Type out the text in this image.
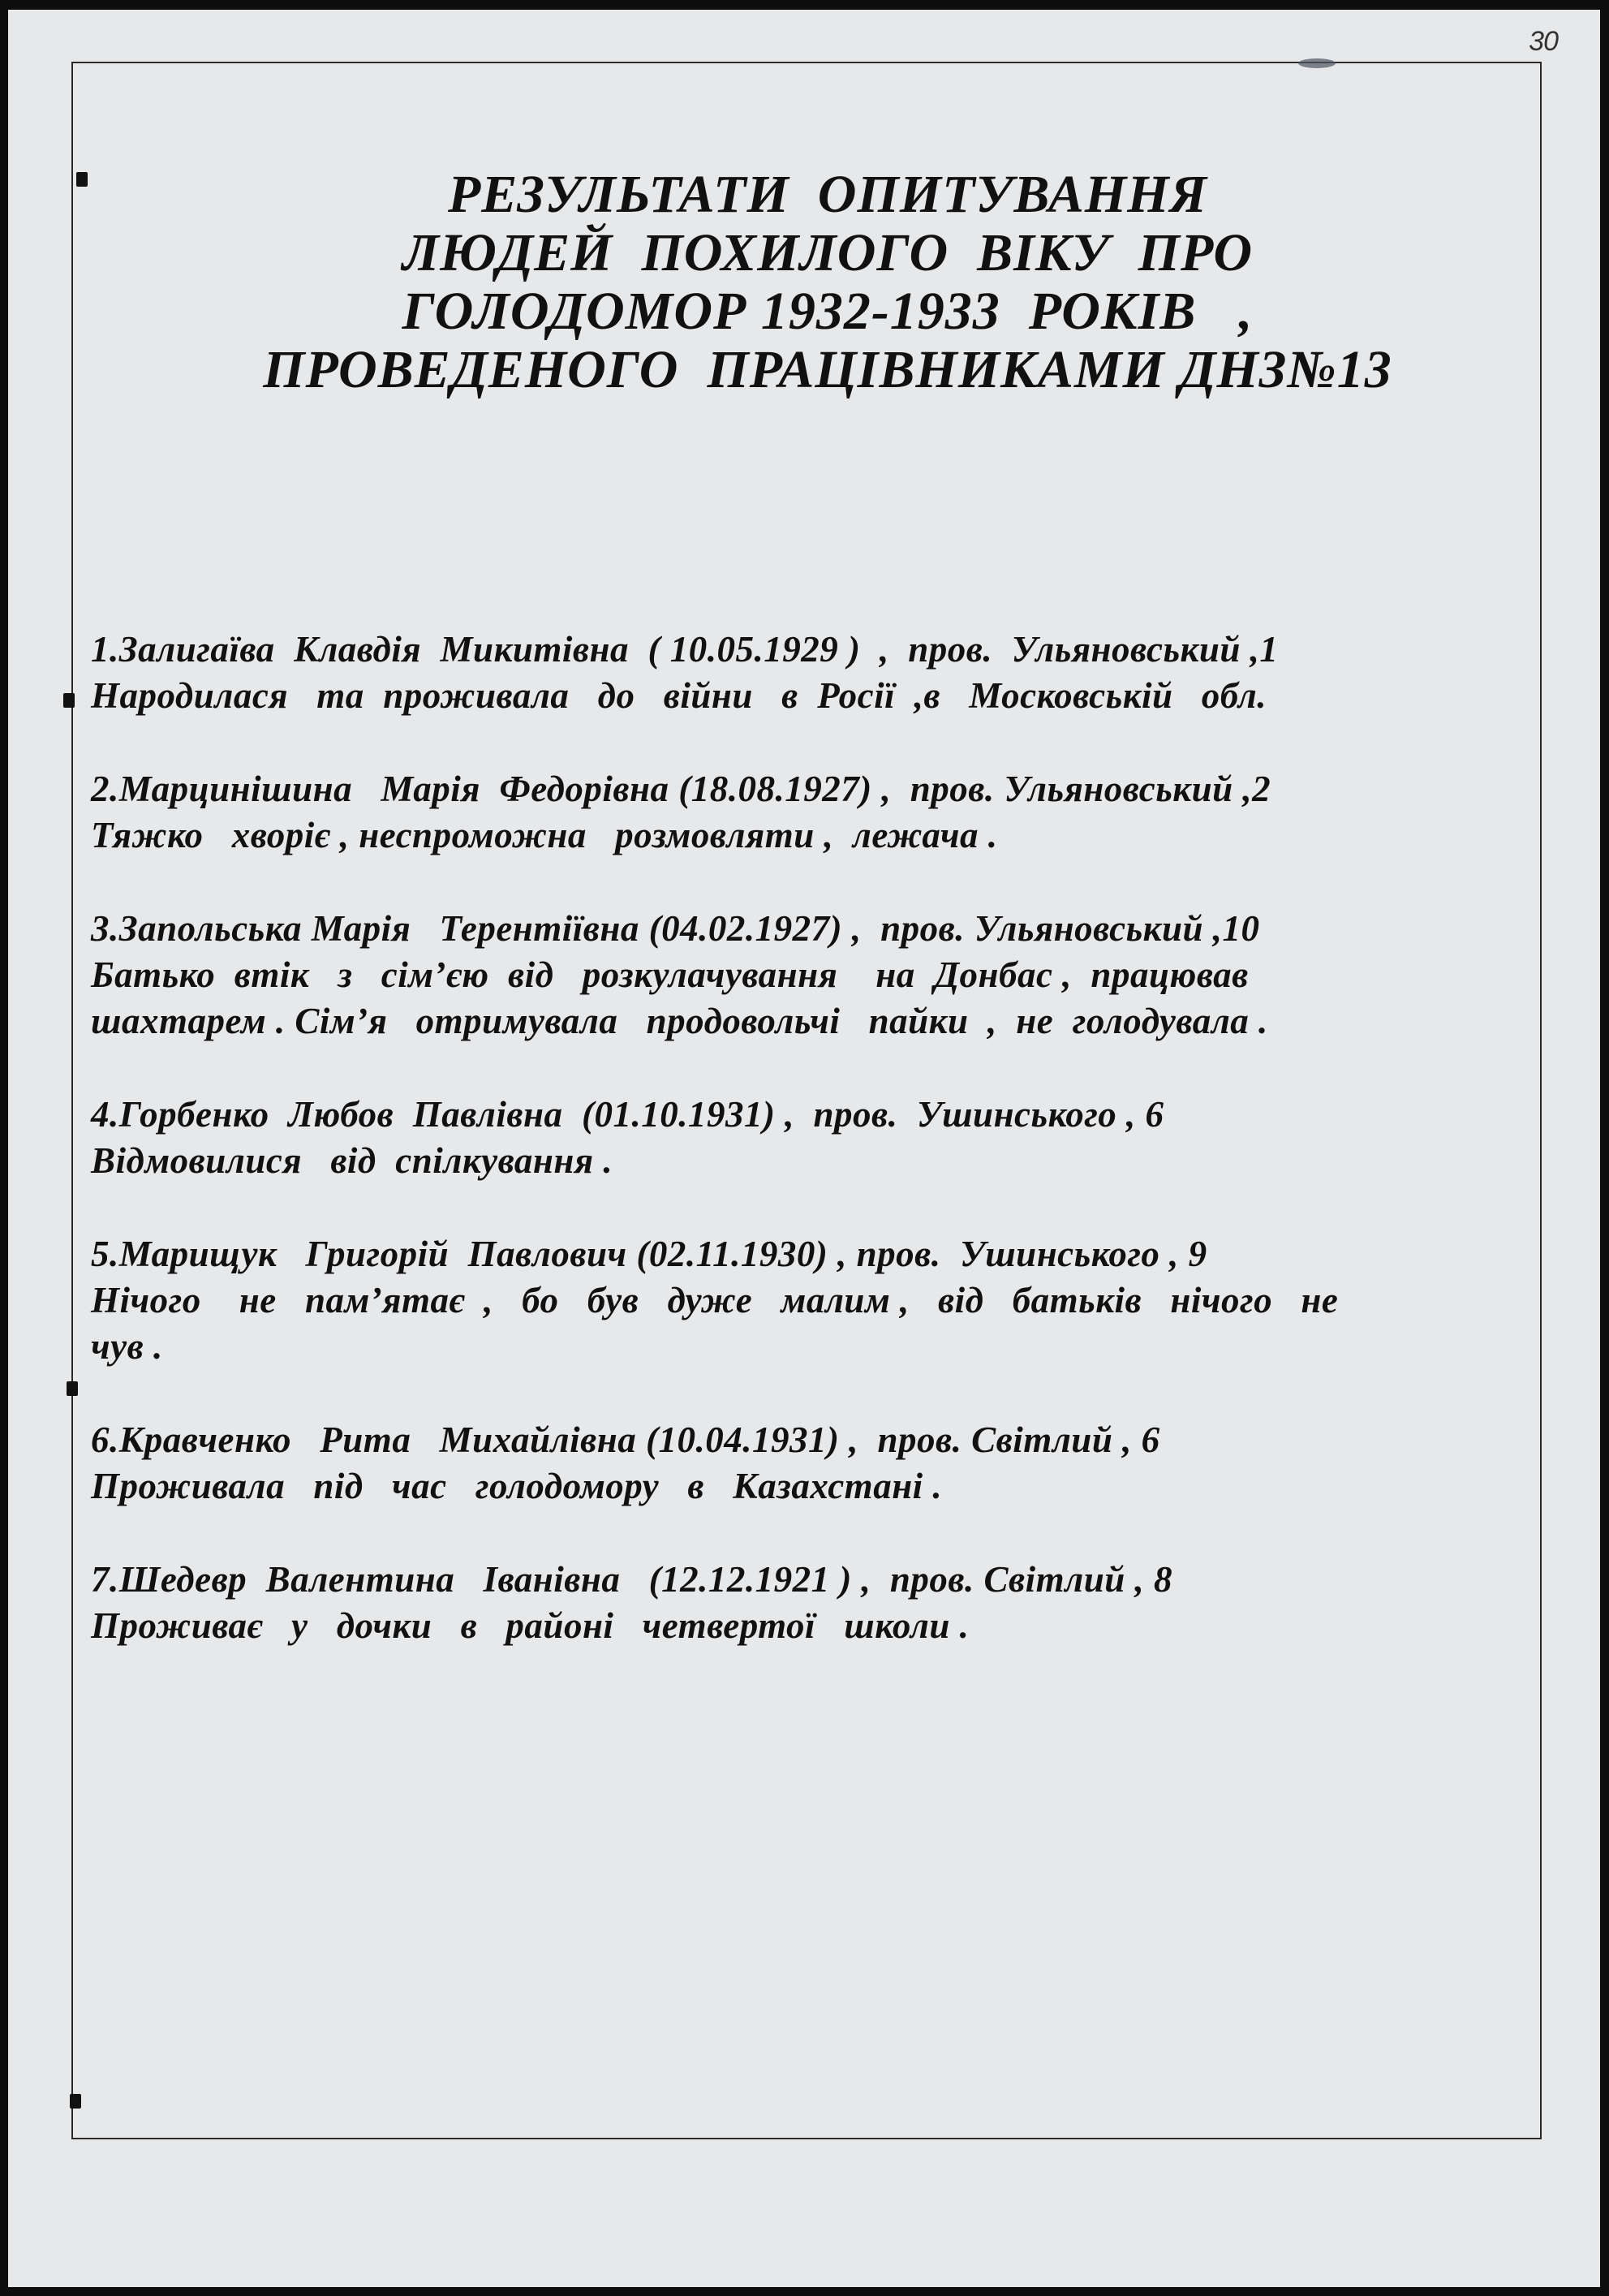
30
РЕЗУЛЬТАТИ  ОПИТУВАННЯ
ЛЮДЕЙ  ПОХИЛОГО  ВІКУ  ПРО
ГОЛОДОМОР 1932-1933  РОКІВ   ,
ПРОВЕДЕНОГО  ПРАЦІВНИКАМИ ДНЗ№13
1.Залигаїва  Клавдія  Микитівна  ( 10.05.1929 )  ,  пров.  Ульяновський ,1
Народилася   та  проживала   до   війни   в  Росії  ,в   Московській   обл.
2.Марцинішина   Марія  Федорівна (18.08.1927) ,  пров. Ульяновський ,2
Тяжко   хворіє , неспроможна   розмовляти ,  лежача .
3.Запольська Марія   Терентіївна (04.02.1927) ,  пров. Ульяновський ,10
Батько  втік   з   сім’єю  від   розкулачування    на  Донбас ,  працював
шахтарем . Сім’я   отримувала   продовольчі   пайки  ,  не  голодувала .
4.Горбенко  Любов  Павлівна  (01.10.1931) ,  пров.  Ушинського , 6
Відмовилися   від  спілкування .
5.Марищук   Григорій  Павлович (02.11.1930) , пров.  Ушинського , 9
Нічого    не   пам’ятає  ,   бо   був   дуже   малим ,   від   батьків   нічого   не
чув .
6.Кравченко   Рита   Михайлівна (10.04.1931) ,  пров. Світлий , 6
Проживала   під   час   голодомору   в   Казахстані .
7.Шедевр  Валентина   Іванівна   (12.12.1921 ) ,  пров. Світлий , 8
Проживає   у   дочки   в   районі   четвертої   школи .
